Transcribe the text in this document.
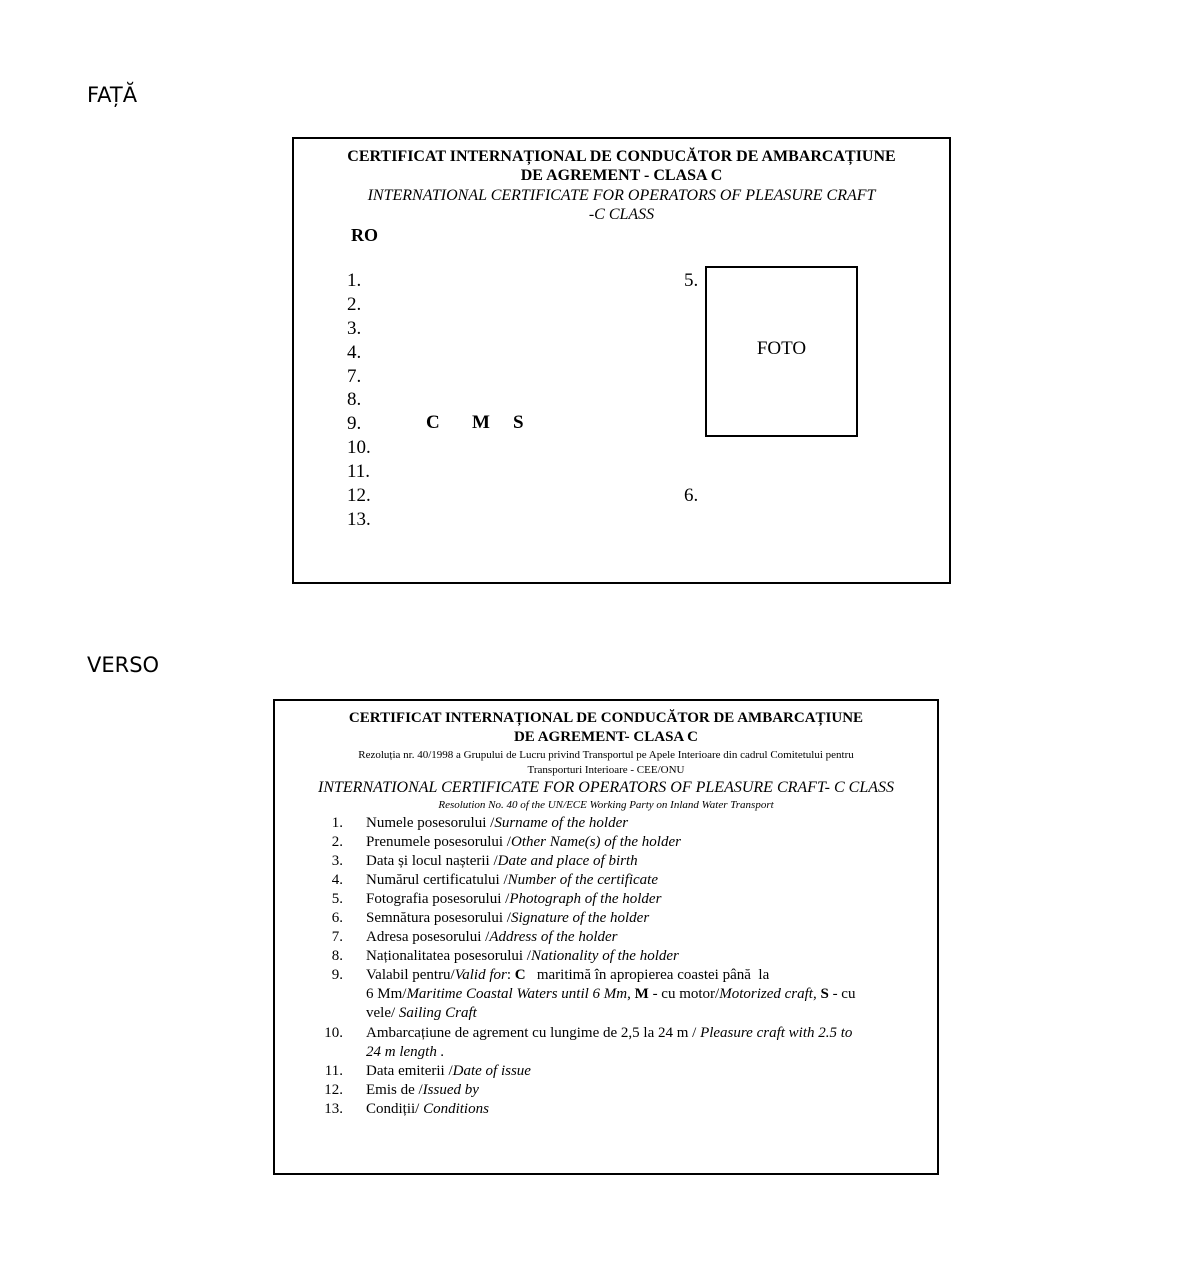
FAȚĂ
CERTIFICAT INTERNAȚIONAL DE CONDUCĂTOR DE AMBARCAȚIUNE
DE AGREMENT - CLASA C
INTERNATIONAL CERTIFICATE FOR OPERATORS OF PLEASURE CRAFT
-C CLASS
RO
1.
2.
3.
4.
7.
8.
9.
10.
11.
12.
13.
C M S
5.
6.
FOTO
VERSO
CERTIFICAT INTERNAȚIONAL DE CONDUCĂTOR DE AMBARCAȚIUNE
DE AGREMENT- CLASA C
Rezoluția nr. 40/1998 a Grupului de Lucru privind Transportul pe Apele Interioare din cadrul Comitetului pentru
Transporturi Interioare - CEE/ONU
INTERNATIONAL CERTIFICATE FOR OPERATORS OF PLEASURE CRAFT- C CLASS
Resolution No. 40 of the UN/ECE Working Party on Inland Water Transport
1. Numele posesorului /Surname of the holder
2. Prenumele posesorului /Other Name(s) of the holder
3. Data și locul nașterii /Date and place of birth
4. Numărul certificatului /Number of the certificate
5. Fotografia posesorului /Photograph of the holder
6. Semnătura posesorului /Signature of the holder
7. Adresa posesorului /Address of the holder
8. Naționalitatea posesorului /Nationality of the holder
9. Valabil pentru/Valid for: C   maritimă în apropierea coastei până  la
6 Mm/Maritime Coastal Waters until 6 Mm, M - cu motor/Motorized craft, S - cu
vele/ Sailing Craft
10. Ambarcațiune de agrement cu lungime de 2,5 la 24 m / Pleasure craft with 2.5 to
24 m length .
11. Data emiterii /Date of issue
12. Emis de /Issued by
13. Condiții/ Conditions
